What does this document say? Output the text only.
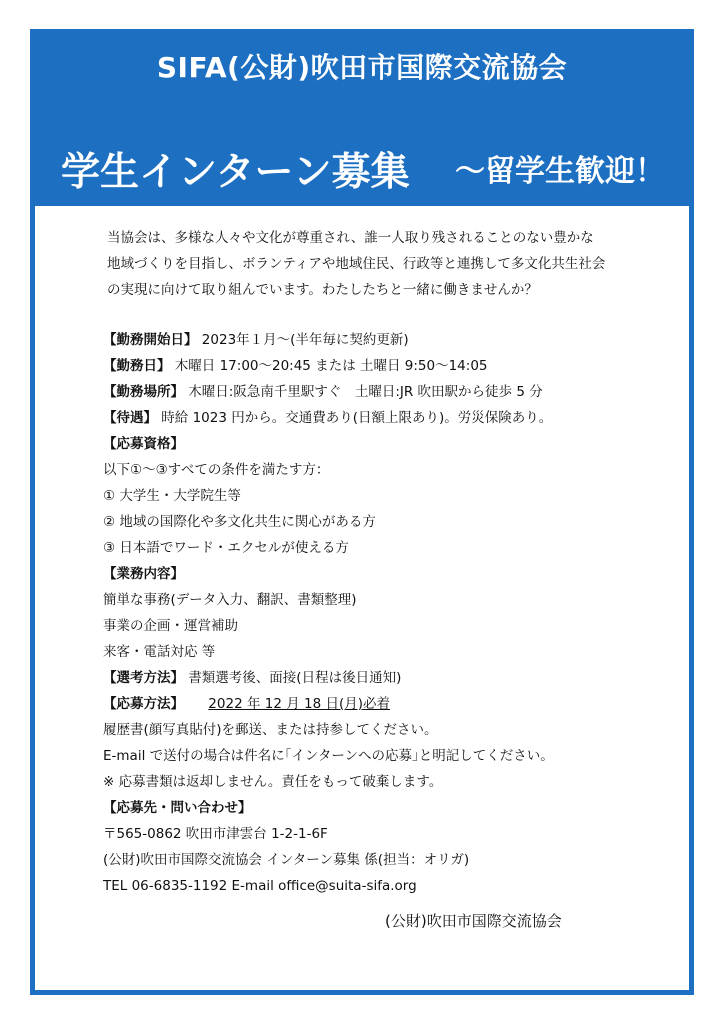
SIFA(公財)吹田市国際交流協会
学生インターン募集 ～留学生歓迎！
当協会は、多様な人々や文化が尊重され、誰一人取り残されることのない豊かな
地域づくりを目指し、ボランティアや地域住民、行政等と連携して多文化共生社会
の実現に向けて取り組んでいます。わたしたちと一緒に働きませんか？
【勤務開始日】 2023年１月～(半年毎に契約更新)
【勤務日】 木曜日 17:00～20:45 または 土曜日 9:50～14:05
【勤務場所】 木曜日:阪急南千里駅すぐ　土曜日:JR 吹田駅から徒歩 5 分
【待遇】 時給 1023 円から。交通費あり(日額上限あり)。労災保険あり。
【応募資格】
以下①～③すべての条件を満たす方：
① 大学生・大学院生等
② 地域の国際化や多文化共生に関心がある方
③ 日本語でワード・エクセルが使える方
【業務内容】
簡単な事務(データ入力、翻訳、書類整理)
事業の企画・運営補助
来客・電話対応 等
【選考方法】 書類選考後、面接(日程は後日通知)
【応募方法】 2022 年 12 月 18 日(月)必着
履歴書(顔写真貼付)を郵送、または持参してください。
E-mail で送付の場合は件名に｢インターンへの応募｣と明記してください。
※ 応募書類は返却しません。責任をもって破棄します。
【応募先・問い合わせ】
〒565-0862 吹田市津雲台 1-2-1-6F
(公財)吹田市国際交流協会 インターン募集 係(担当：オリガ)
TEL 06-6835-1192 E-mail office@suita-sifa.org
(公財)吹田市国際交流協会
